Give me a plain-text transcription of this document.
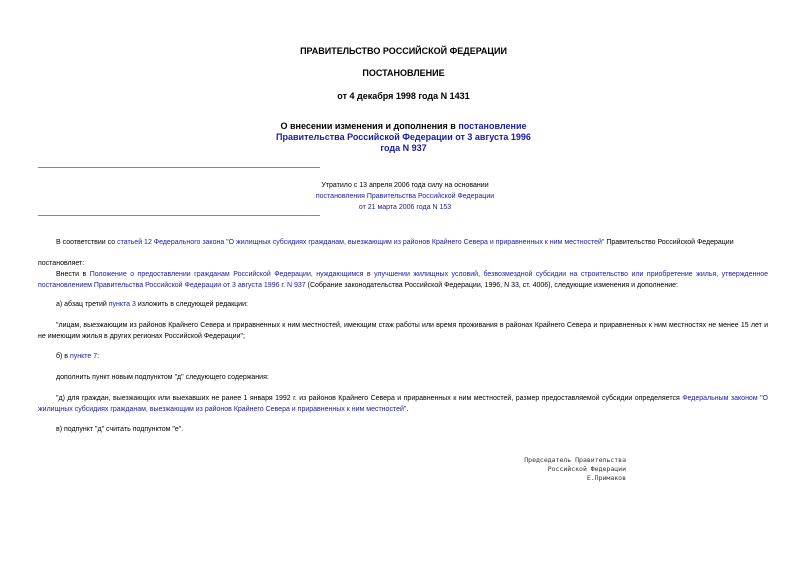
ПРАВИТЕЛЬСТВО РОССИЙСКОЙ ФЕДЕРАЦИИ
ПОСТАНОВЛЕНИЕ
от 4 декабря 1998 года N 1431
О внесении изменения и дополнения в постановление
Правительства Российской Федерации от 3 августа 1996
года N 937
Утратило с 13 апреля 2006 года силу на основании
постановления Правительства Российской Федерации
от 21 марта 2006 года N 153
В соответствии со статьей 12 Федерального закона "О жилищных субсидиях гражданам, выезжающим из районов Крайнего Севера и приравненных к ним местностей" Правительство Российской Федерации
постановляет:
Внести в Положение о предоставлении гражданам Российской Федерации, нуждающимся в улучшении жилищных условий, безвозмездной субсидии на строительство или приобретение жилья, утвержденное постановлением Правительства Российской Федерации от 3 августа 1996 г. N 937 (Собрание законодательства Российской Федерации, 1996, N 33, ст. 4006), следующие изменения и дополнение:
а) абзац третий пункта 3 изложить в следующей редакции:
"лицам, выезжающим из районов Крайнего Севера и приравненных к ним местностей, имеющим стаж работы или время проживания в районах Крайнего Севера и приравненных к ним местностях не менее 15 лет и не имеющим жилья в других регионах Российской Федерации";
б) в пункте 7:
дополнить пункт новым подпунктом "д" следующего содержания:
"д) для граждан, выезжающих или выехавших не ранее 1 января 1992 г. из районов Крайнего Севера и приравненных к ним местностей, размер предоставляемой субсидии определяется Федеральным законом "О жилищных субсидиях гражданам, выезжающим из районов Крайнего Севера и приравненных к ним местностей".
в) подпункт "д" считать подпунктом "е".
Председатель Правительства
Российской Федерации
Е.Примаков
